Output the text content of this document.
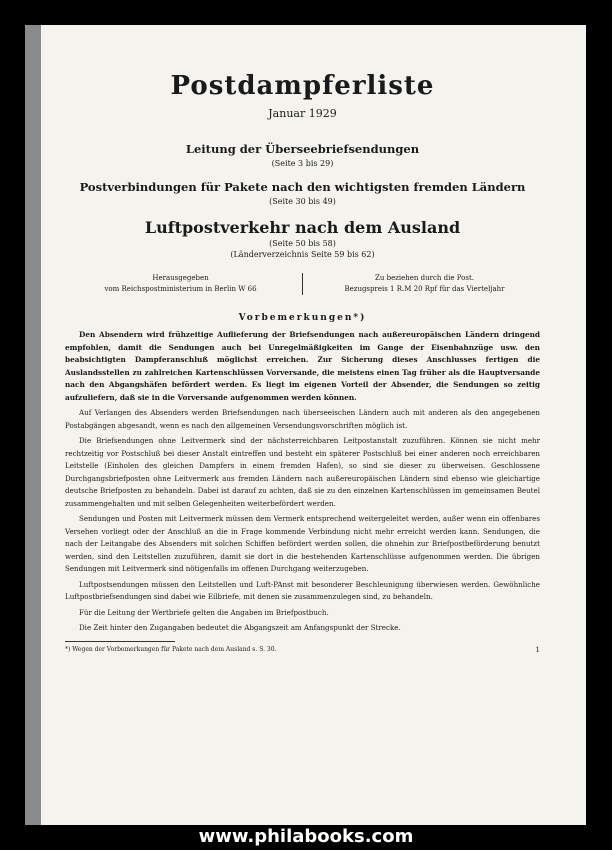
Postdampferliste
Januar 1929
Leitung der Überseebriefsendungen
(Seite 3 bis 29)
Postverbindungen für Pakete nach den wichtigsten fremden Ländern
(Seite 30 bis 49)
Luftpostverkehr nach dem Ausland
(Seite 50 bis 58)
(Länderverzeichnis Seite 59 bis 62)
Herausgegeben
vom Reichspostministerium in Berlin W 66
Zu beziehen durch die Post.
Bezugspreis 1 R.M 20 Rpf für das Vierteljahr
Vorbemerkungen*)

Den Absendern wird frühzeitige Auflieferung der Briefsendungen nach außereuropäischen Ländern dringend empfohlen, damit die Sendungen auch bei Unregelmäßigkeiten im Gange der Eisenbahnzüge usw. den beabsichtigten Dampferanschluß möglichst erreichen. Zur Sicherung dieses Anschlusses fertigen die Auslandsstellen zu zahlreichen Kartenschlüssen Vorversande, die meistens einen Tag früher als die Hauptversande nach den Abgangshäfen befördert werden. Es liegt im eigenen Vorteil der Absender, die Sendungen so zeitig aufzuliefern, daß sie in die Vorversande aufgenommen werden können.

Auf Verlangen des Absenders werden Briefsendungen nach überseeischen Ländern auch mit anderen als den angegebenen Postabgängen abgesandt, wenn es nach den allgemeinen Versendungsvorschriften möglich ist.

Die Briefsendungen ohne Leitvermerk sind der nächsterreichbaren Leitpostanstalt zuzuführen. Können sie nicht mehr rechtzeitig vor Postschluß bei dieser Anstalt eintreffen und besteht ein späterer Postschluß bei einer anderen noch erreichbaren Leitstelle (Einholen des gleichen Dampfers in einem fremden Hafen), so sind sie dieser zu überweisen. Geschlossene Durchgangsbriefposten ohne Leitvermerk aus fremden Ländern nach außereuropäischen Ländern sind ebenso wie gleichartige deutsche Briefposten zu behandeln. Dabei ist darauf zu achten, daß sie zu den einzelnen Kartenschlüssen im gemeinsamen Beutel zusammengehalten und mit selben Gelegenheiten weiterbefördert werden.

Sendungen und Posten mit Leitvermerk müssen dem Vermerk entsprechend weitergeleitet werden, außer wenn ein offenbares Versehen vorliegt oder der Anschluß an die in Frage kommende Verbindung nicht mehr erreicht werden kann. Sendungen, die nach der Leitangabe des Absenders mit solchen Schiffen befördert werden sollen, die ohnehin zur Briefpostbeförderung benutzt werden, sind den Leitstellen zuzuführen, damit sie dort in die bestehenden Kartenschlüsse aufgenommen werden. Die übrigen Sendungen mit Leitvermerk sind nötigenfalls im offenen Durchgang weiterzugeben.

Luftpostsendungen müssen den Leitstellen und Luft-PAnst mit besonderer Beschleunigung überwiesen werden. Gewöhnliche Luftpostbriefsendungen sind dabei wie Eilbriefe, mit denen sie zusammenzulegen sind, zu behandeln.

Für die Leitung der Wertbriefe gelten die Angaben im Briefpostbuch.

Die Zeit hinter den Zugangaben bedeutet die Abgangszeit am Anfangspunkt der Strecke.

*) Wegen der Vorbemerkungen für Pakete nach dem Ausland s. S. 30.	1
www.philabooks.com
